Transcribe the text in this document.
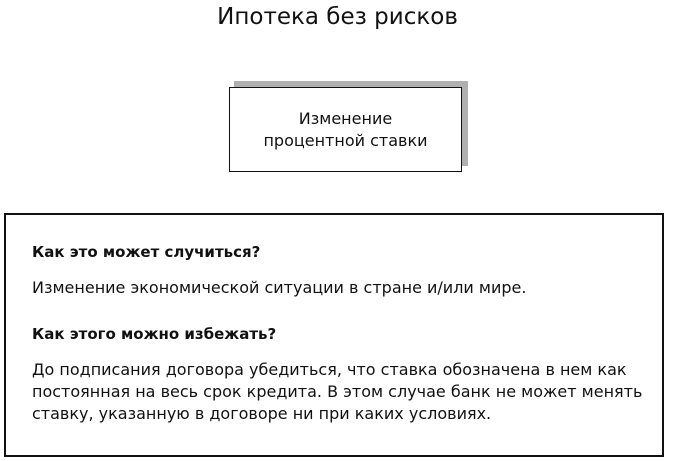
Ипотека без рисков
Изменение
процентной ставки
Как это может случиться?
Изменение экономической ситуации в стране и/или мире.
Как этого можно избежать?
До подписания договора убедиться, что ставка обозначена в нем как
постоянная на весь срок кредита. В этом случае банк не может менять
ставку, указанную в договоре ни при каких условиях.
